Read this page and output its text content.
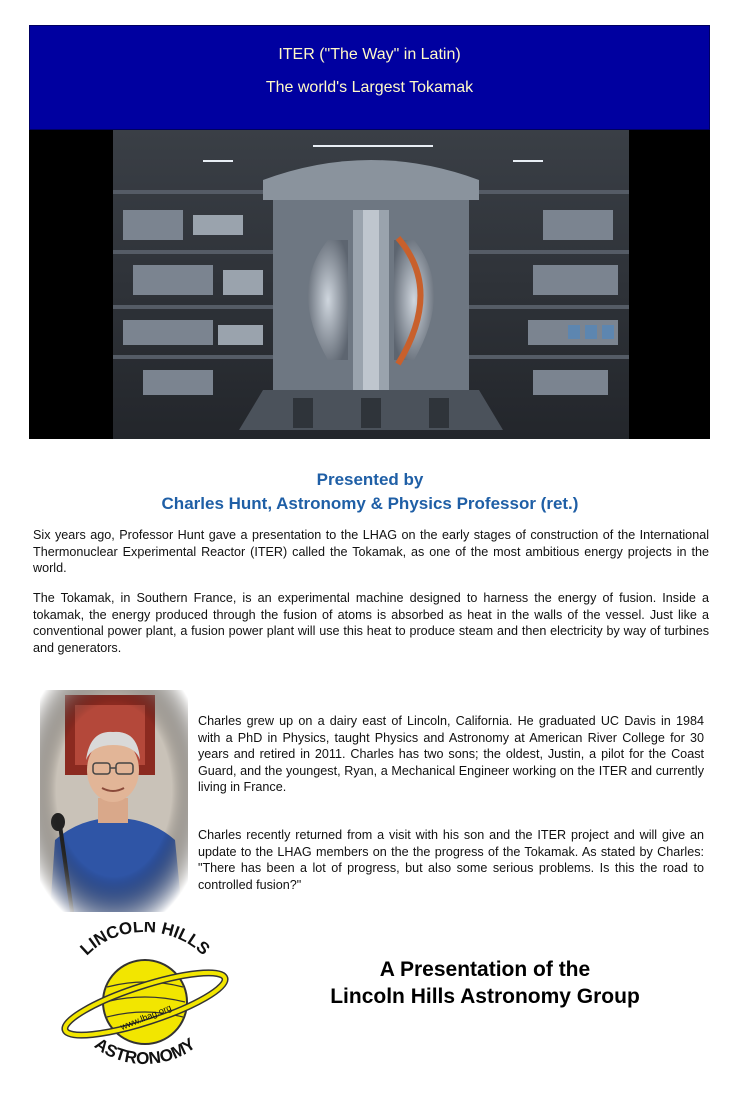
ITER ("The Way" in Latin)
The world's Largest Tokamak
Presented by
Charles Hunt, Astronomy & Physics Professor (ret.)

Six years ago, Professor Hunt gave a presentation to the LHAG on the early stages of construction of the International Thermonuclear Experimental Reactor (ITER) called the Tokamak, as one of the most ambitious energy projects in the world.

The Tokamak, in Southern France, is an experimental machine designed to harness the energy of fusion. Inside a tokamak, the energy produced through the fusion of atoms is absorbed as heat in the walls of the vessel. Just like a conventional power plant, a fusion power plant will use this heat to produce steam and then electricity by way of turbines and generators.

Charles grew up on a dairy east of Lincoln, California. He graduated UC Davis in 1984 with a PhD in Physics, taught Physics and Astronomy at American River College for 30 years and retired in 2011. Charles has two sons; the oldest, Justin, a pilot for the Coast Guard, and the youngest, Ryan, a Mechanical Engineer working on the ITER and currently living in France.

Charles recently returned from a visit with his son and the ITER project and will give an update to the LHAG members on the the progress of the Tokamak. As stated by Charles: "There has been a lot of progress, but also some serious problems. Is this the road to controlled fusion?"

LINCOLN HILLS
ASTRONOMY
www.lhag.org
A Presentation of the
Lincoln Hills Astronomy Group
